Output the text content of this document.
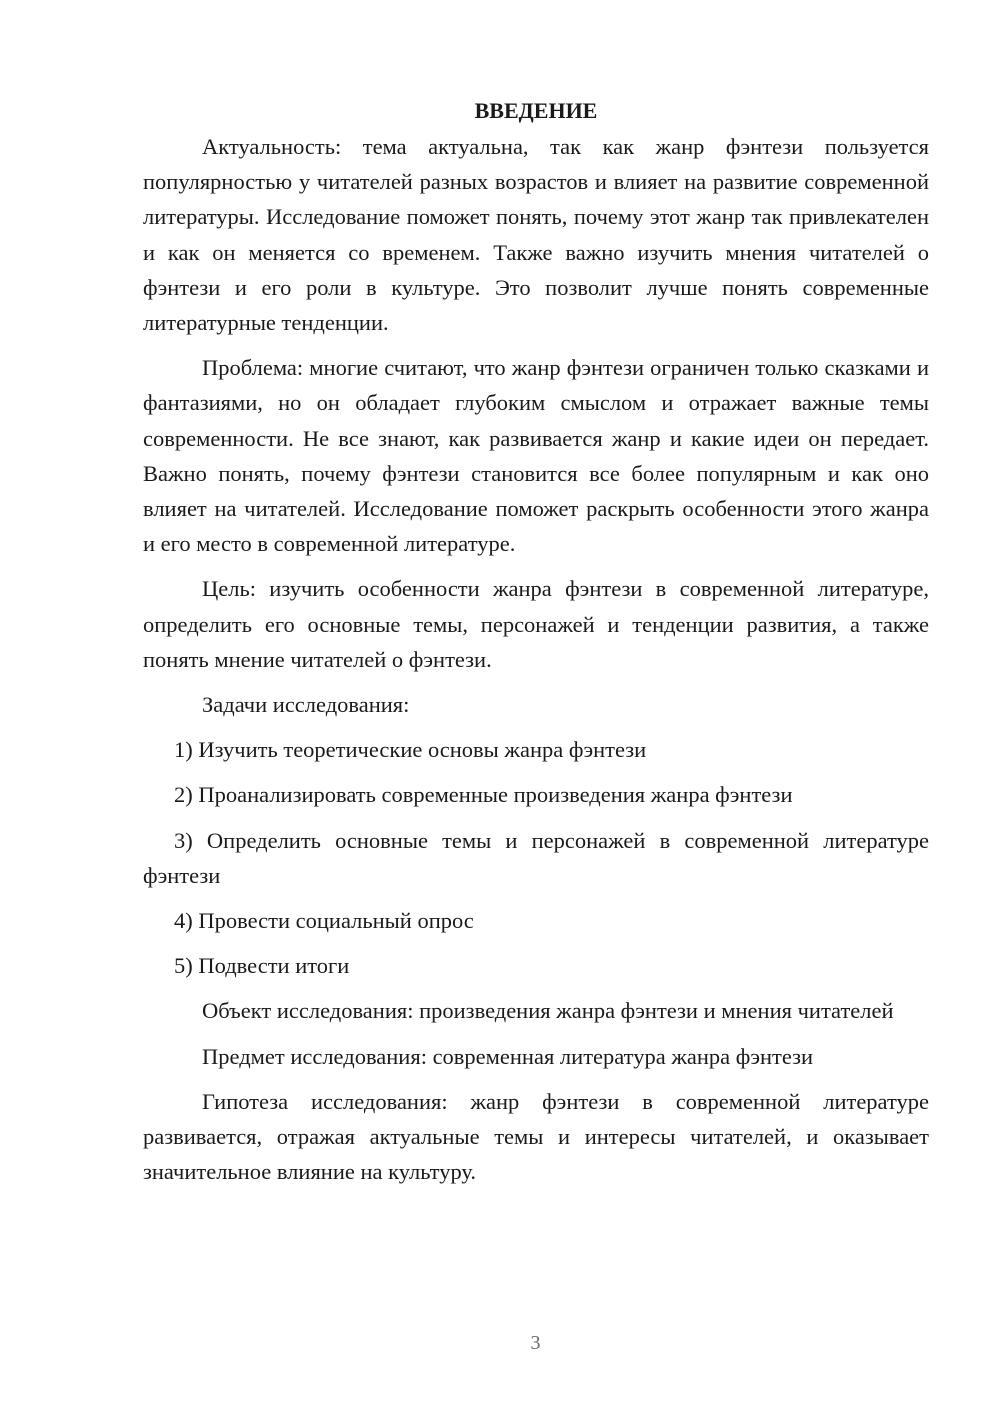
ВВЕДЕНИЕ

Актуальность: тема актуальна, так как жанр фэнтези пользуется популярностью у читателей разных возрастов и влияет на развитие современной литературы. Исследование поможет понять, почему этот жанр так привлекателен и как он меняется со временем. Также важно изучить мнения читателей о фэнтези и его роли в культуре. Это позволит лучше понять современные литературные тенденции.

Проблема: многие считают, что жанр фэнтези ограничен только сказками и фантазиями, но он обладает глубоким смыслом и отражает важные темы современности. Не все знают, как развивается жанр и какие идеи он передает. Важно понять, почему фэнтези становится все более популярным и как оно влияет на читателей. Исследование поможет раскрыть особенности этого жанра и его место в современной литературе.

Цель: изучить особенности жанра фэнтези в современной литературе, определить его основные темы, персонажей и тенденции развития, а также понять мнение читателей о фэнтези.

Задачи исследования:

1) Изучить теоретические основы жанра фэнтези

2) Проанализировать современные произведения жанра фэнтези

3) Определить основные темы и персонажей в современной литературе фэнтези

4) Провести социальный опрос

5) Подвести итоги

Объект исследования: произведения жанра фэнтези и мнения читателей

Предмет исследования: современная литература жанра фэнтези

Гипотеза исследования: жанр фэнтези в современной литературе развивается, отражая актуальные темы и интересы читателей, и оказывает значительное влияние на культуру.

3
